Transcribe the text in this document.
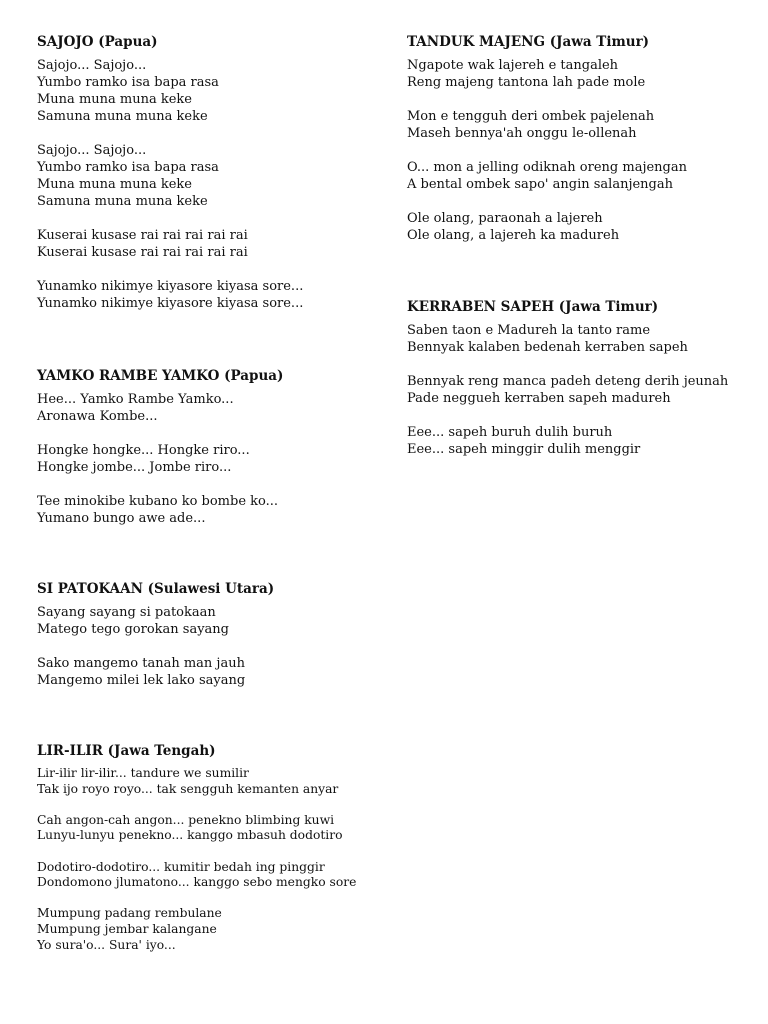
SAJOJO (Papua)
Sajojo... Sajojo...
Yumbo ramko isa bapa rasa
Muna muna muna keke
Samuna muna muna keke
Sajojo... Sajojo...
Yumbo ramko isa bapa rasa
Muna muna muna keke
Samuna muna muna keke
Kuserai kusase rai rai rai rai rai
Kuserai kusase rai rai rai rai rai
Yunamko nikimye kiyasore kiyasa sore...
Yunamko nikimye kiyasore kiyasa sore...
YAMKO RAMBE YAMKO (Papua)
Hee... Yamko Rambe Yamko...
Aronawa Kombe...
Hongke hongke... Hongke riro...
Hongke jombe... Jombe riro...
Tee minokibe kubano ko bombe ko...
Yumano bungo awe ade...
SI PATOKAAN (Sulawesi Utara)
Sayang sayang si patokaan
Matego tego gorokan sayang
Sako mangemo tanah man jauh
Mangemo milei lek lako sayang
LIR-ILIR (Jawa Tengah)
Lir-ilir lir-ilir... tandure we sumilir
Tak ijo royo royo... tak sengguh kemanten anyar
Cah angon-cah angon... penekno blimbing kuwi
Lunyu-lunyu penekno... kanggo mbasuh dodotiro
Dodotiro-dodotiro... kumitir bedah ing pinggir
Dondomono jlumatono... kanggo sebo mengko sore
Mumpung padang rembulane
Mumpung jembar kalangane
Yo sura'o... Sura' iyo...
TANDUK MAJENG (Jawa Timur)
Ngapote wak lajereh e tangaleh
Reng majeng tantona lah pade mole
Mon e tengguh deri ombek pajelenah
Maseh bennya'ah onggu le-ollenah
O... mon a jelling odiknah oreng majengan
A bental ombek sapo' angin salanjengah
Ole olang, paraonah a lajereh
Ole olang, a lajereh ka madureh
KERRABEN SAPEH (Jawa Timur)
Saben taon e Madureh la tanto rame
Bennyak kalaben bedenah kerraben sapeh
Bennyak reng manca padeh deteng derih jeunah
Pade neggueh kerraben sapeh madureh
Eee... sapeh buruh dulih buruh
Eee... sapeh minggir dulih menggir
